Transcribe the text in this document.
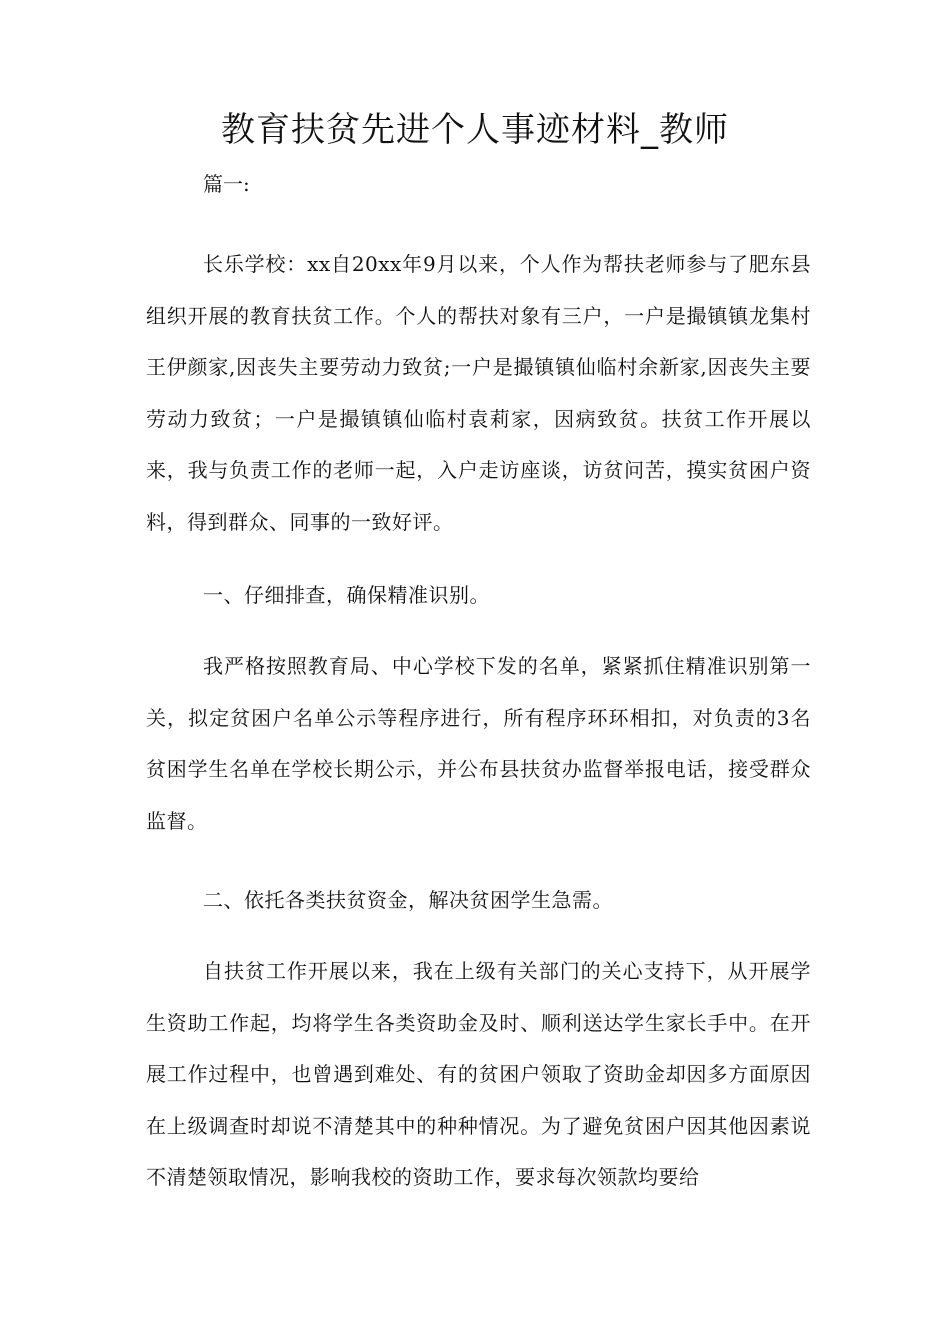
教育扶贫先进个人事迹材料_教师

篇一:

长乐学校：xx自20xx年9月以来，个人作为帮扶老师参与了肥东县组织开展的教育扶贫工作。个人的帮扶对象有三户，一户是撮镇镇龙集村王伊颜家,因丧失主要劳动力致贫;一户是撮镇镇仙临村余新家,因丧失主要劳动力致贫；一户是撮镇镇仙临村袁莉家，因病致贫。扶贫工作开展以来，我与负责工作的老师一起，入户走访座谈，访贫问苦，摸实贫困户资料，得到群众、同事的一致好评。

一、仔细排查，确保精准识别。

我严格按照教育局、中心学校下发的名单，紧紧抓住精准识别第一关，拟定贫困户名单公示等程序进行，所有程序环环相扣，对负责的3名贫困学生名单在学校长期公示，并公布县扶贫办监督举报电话，接受群众监督。

二、依托各类扶贫资金，解决贫困学生急需。

自扶贫工作开展以来，我在上级有关部门的关心支持下，从开展学生资助工作起，均将学生各类资助金及时、顺利送达学生家长手中。在开展工作过程中，也曾遇到难处、有的贫困户领取了资助金却因多方面原因在上级调查时却说不清楚其中的种种情况。为了避免贫困户因其他因素说不清楚领取情况，影响我校的资助工作，要求每次领款均要给
